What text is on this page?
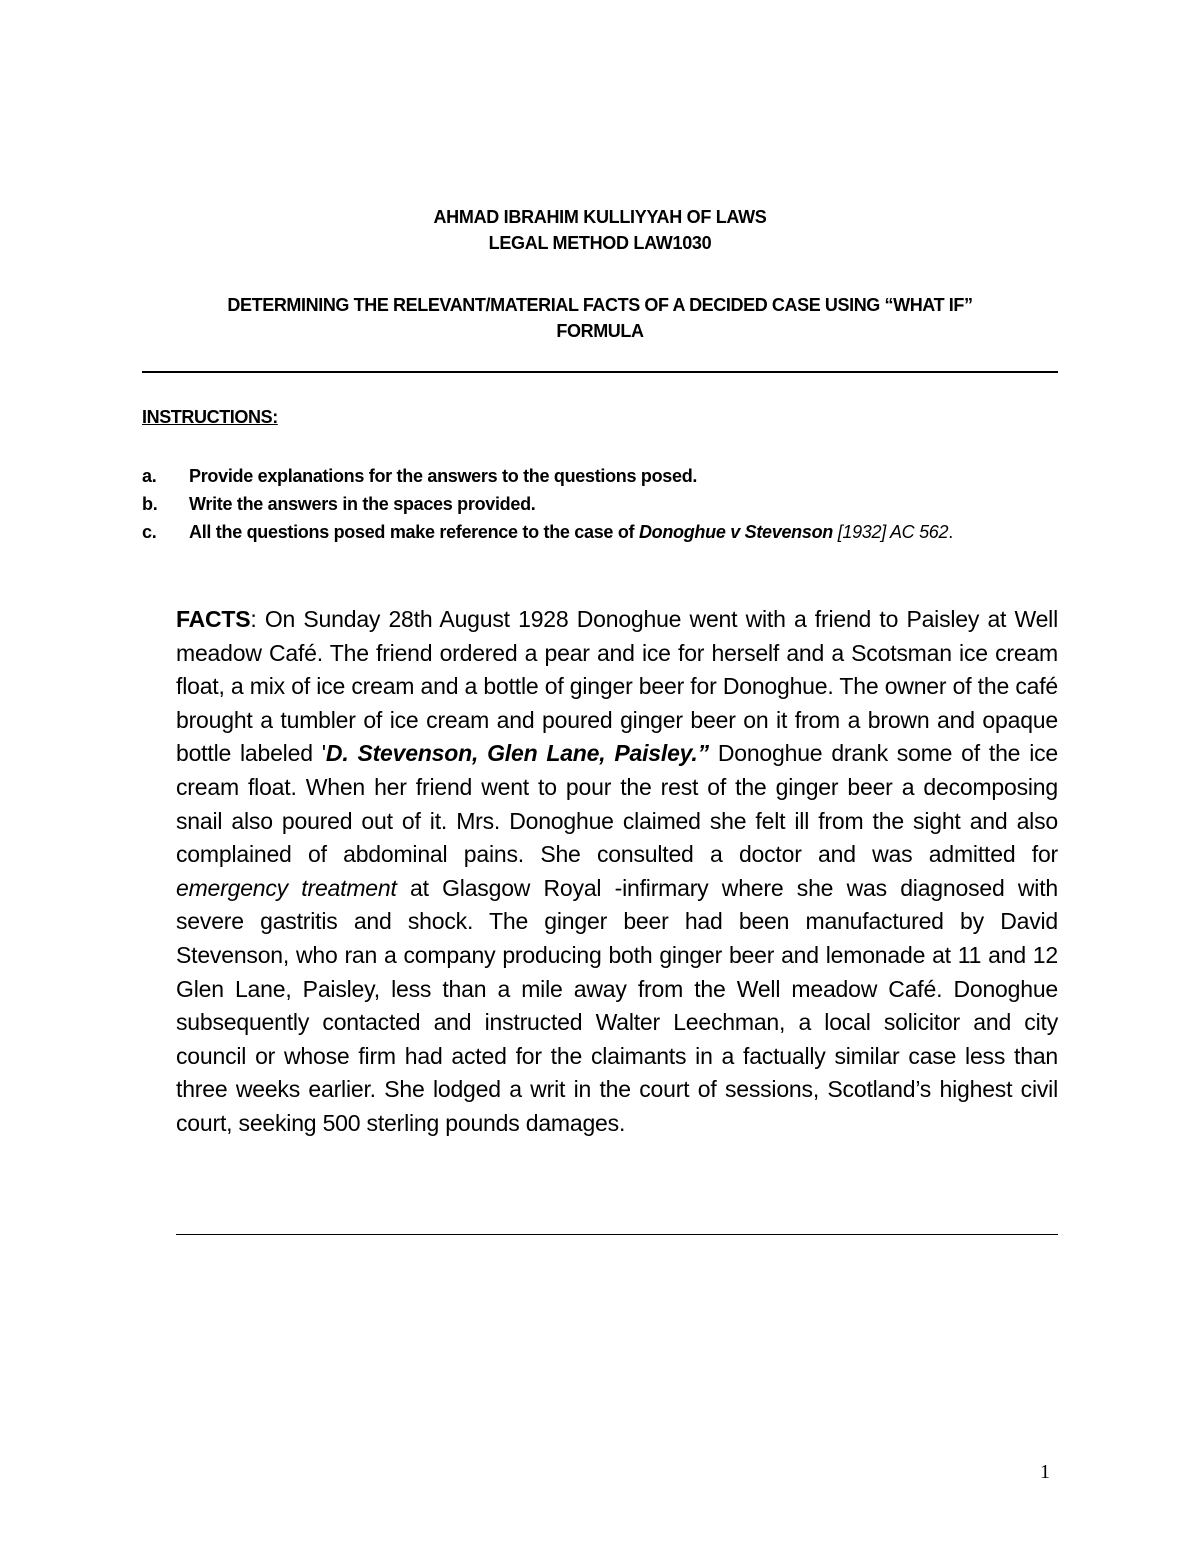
AHMAD IBRAHIM KULLIYYAH OF LAWS
LEGAL METHOD LAW1030
DETERMINING THE RELEVANT/MATERIAL FACTS OF A DECIDED CASE USING “WHAT IF”
FORMULA
INSTRUCTIONS:
a. Provide explanations for the answers to the questions posed.
b. Write the answers in the spaces provided.
c. All the questions posed make reference to the case of Donoghue v Stevenson [1932] AC 562.
FACTS: On Sunday 28th August 1928 Donoghue went with a friend to Paisley at Well meadow Café. The friend ordered a pear and ice for herself and a Scotsman ice cream float, a mix of ice cream and a bottle of ginger beer for Donoghue. The owner of the café brought a tumbler of ice cream and poured ginger beer on it from a brown and opaque bottle labeled 'D. Stevenson, Glen Lane, Paisley.” Donoghue drank some of the ice cream float. When her friend went to pour the rest of the ginger beer a decomposing snail also poured out of it. Mrs. Donoghue claimed she felt ill from the sight and also complained of abdominal pains. She consulted a doctor and was admitted for emergency treatment at Glasgow Royal -infirmary where she was diagnosed with severe gastritis and shock. The ginger beer had been manufactured by David Stevenson, who ran a company producing both ginger beer and lemonade at 11 and 12 Glen Lane, Paisley, less than a mile away from the Well meadow Café. Donoghue subsequently contacted and instructed Walter Leechman, a local solicitor and city council or whose firm had acted for the claimants in a factually similar case less than three weeks earlier. She lodged a writ in the court of sessions, Scotland’s highest civil court, seeking 500 sterling pounds damages.
1
